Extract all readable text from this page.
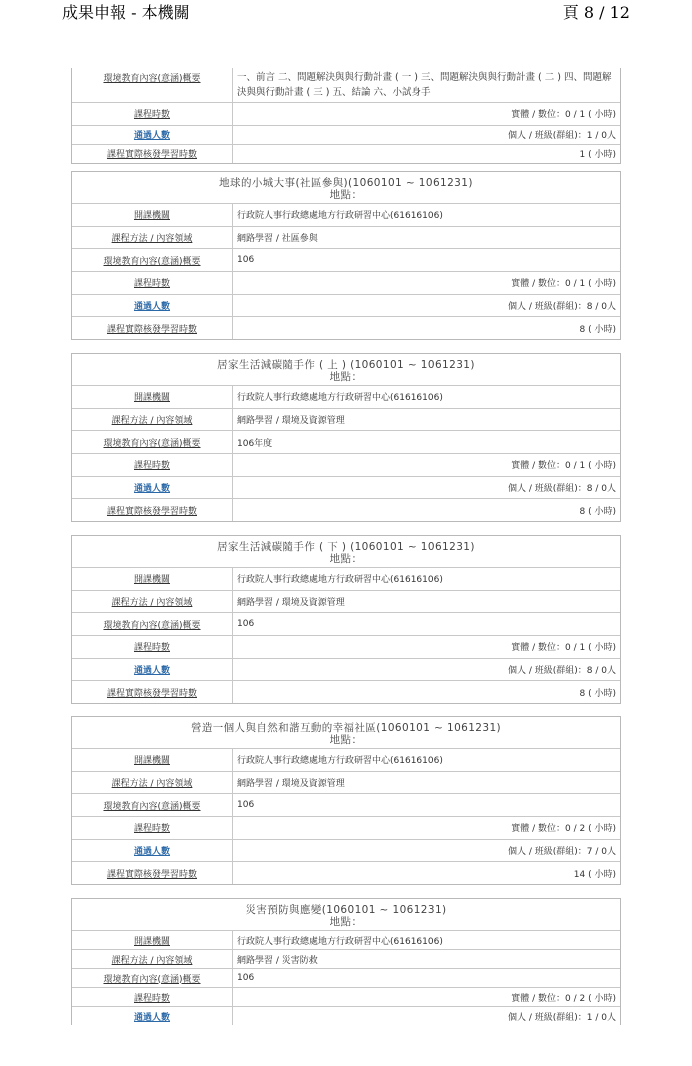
成果申報 - 本機關	頁 8 / 12
環境教育內容(意涵)概要	一、前言 二、問題解決與與行動計畫 ( 一 ) 三、問題解決與與行動計畫 ( 二 ) 四、問題解決與與行動計畫 ( 三 ) 五、結論 六、小試身手
課程時數	實體 / 數位：0 / 1 ( 小時)
通過人數	個人 / 班級(群組)：1 / 0人
課程實際核發學習時數	1 ( 小時)
地球的小城大事(社區參與)(1060101 ~ 1061231)
地點：
開課機關	行政院人事行政總處地方行政研習中心(61616106)
課程方法 / 內容領域	網路學習 / 社區參與
環境教育內容(意涵)概要	106
課程時數	實體 / 數位：0 / 1 ( 小時)
通過人數	個人 / 班級(群組)：8 / 0人
課程實際核發學習時數	8 ( 小時)
居家生活減碳隨手作 ( 上 ) (1060101 ~ 1061231)
地點：
開課機關	行政院人事行政總處地方行政研習中心(61616106)
課程方法 / 內容領域	網路學習 / 環境及資源管理
環境教育內容(意涵)概要	106年度
課程時數	實體 / 數位：0 / 1 ( 小時)
通過人數	個人 / 班級(群組)：8 / 0人
課程實際核發學習時數	8 ( 小時)
居家生活減碳隨手作 ( 下 ) (1060101 ~ 1061231)
地點：
開課機關	行政院人事行政總處地方行政研習中心(61616106)
課程方法 / 內容領域	網路學習 / 環境及資源管理
環境教育內容(意涵)概要	106
課程時數	實體 / 數位：0 / 1 ( 小時)
通過人數	個人 / 班級(群組)：8 / 0人
課程實際核發學習時數	8 ( 小時)
營造一個人與自然和諧互動的幸福社區(1060101 ~ 1061231)
地點：
開課機關	行政院人事行政總處地方行政研習中心(61616106)
課程方法 / 內容領域	網路學習 / 環境及資源管理
環境教育內容(意涵)概要	106
課程時數	實體 / 數位：0 / 2 ( 小時)
通過人數	個人 / 班級(群組)：7 / 0人
課程實際核發學習時數	14 ( 小時)
災害預防與應變(1060101 ~ 1061231)
地點：
開課機關	行政院人事行政總處地方行政研習中心(61616106)
課程方法 / 內容領域	網路學習 / 災害防救
環境教育內容(意涵)概要	106
課程時數	實體 / 數位：0 / 2 ( 小時)
通過人數	個人 / 班級(群組)：1 / 0人
